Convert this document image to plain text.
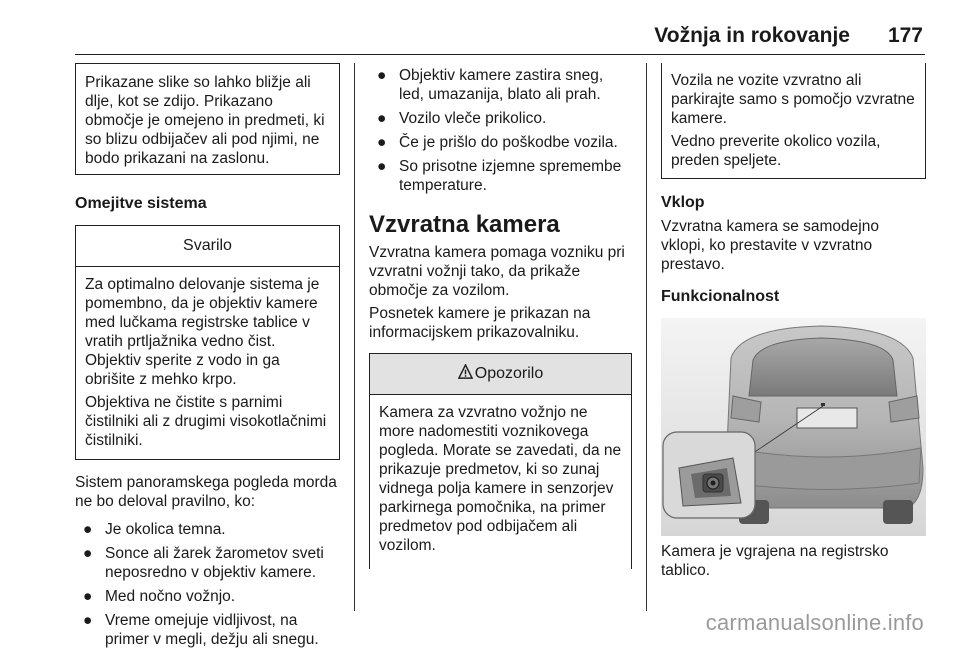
Vožnja in rokovanje 177

Prikazane slike so lahko bližje ali dlje, kot se zdijo. Prikazano območje je omejeno in predmeti, ki so blizu odbijačev ali pod njimi, ne bodo prikazani na zaslonu.

Omejitve sistema
Svarilo

Za optimalno delovanje sistema je pomembno, da je objektiv kamere med lučkama registrske tablice v vratih prtljažnika vedno čist. Objektiv sperite z vodo in ga obrišite z mehko krpo.

Objektiva ne čistite s parnimi čistilniki ali z drugimi visokotlačnimi čistilniki.

Sistem panoramskega pogleda morda ne bo deloval pravilno, ko:

● Je okolica temna.
● Sonce ali žarek žarometov sveti neposredno v objektiv kamere.
● Med nočno vožnjo.
● Vreme omejuje vidljivost, na primer v megli, dežju ali snegu.
● Objektiv kamere zastira sneg, led, umazanija, blato ali prah.
● Vozilo vleče prikolico.
● Če je prišlo do poškodbe vozila.
● So prisotne izjemne spremembe temperature.
Vzvratna kamera

Vzvratna kamera pomaga vozniku pri vzvratni vožnji tako, da prikaže območje za vozilom.

Posnetek kamere je prikazan na informacijskem prikazovalniku.

Opozorilo

Kamera za vzvratno vožnjo ne more nadomestiti voznikovega pogleda. Morate se zavedati, da ne prikazuje predmetov, ki so zunaj vidnega polja kamere in senzorjev parkirnega pomočnika, na primer predmetov pod odbijačem ali vozilom.

Vozila ne vozite vzvratno ali parkirajte samo s pomočjo vzvratne kamere.

Vedno preverite okolico vozila, preden speljete.

Vklop

Vzvratna kamera se samodejno vklopi, ko prestavite v vzvratno prestavo.

Funkcionalnost

Kamera je vgrajena na registrsko tablico.

carmanualsonline.info
